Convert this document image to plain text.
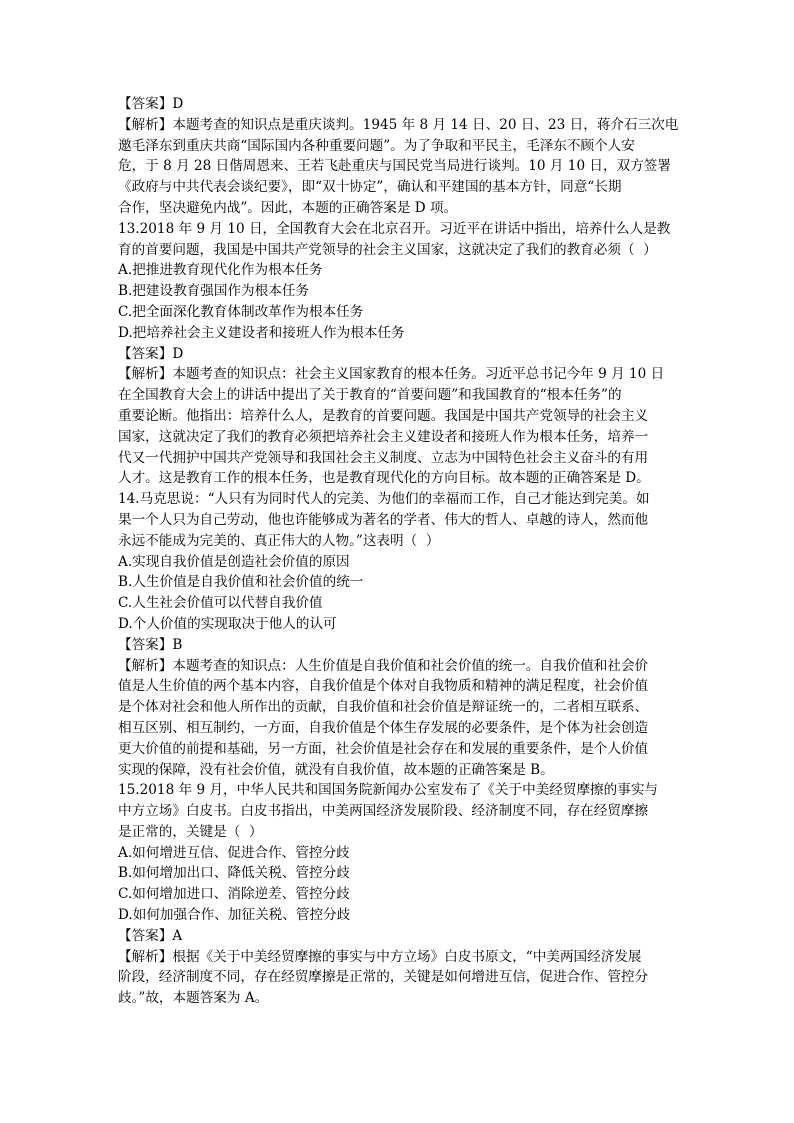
【答案】D
【解析】本题考查的知识点是重庆谈判。1945 年 8 月 14 日、20 日、23 日，蒋介石三次电
邀毛泽东到重庆共商“国际国内各种重要问题”。为了争取和平民主，毛泽东不顾个人安
危，于 8 月 28 日偕周恩来、王若飞赴重庆与国民党当局进行谈判。10 月 10 日，双方签署
《政府与中共代表会谈纪要》，即“双十协定”，确认和平建国的基本方针，同意“长期
合作，坚决避免内战”。因此，本题的正确答案是 D 项。
13.2018 年 9 月 10 日，全国教育大会在北京召开。习近平在讲话中指出，培养什么人是教
育的首要问题，我国是中国共产党领导的社会主义国家，这就决定了我们的教育必须（  ）
A.把推进教育现代化作为根本任务
B.把建设教育强国作为根本任务
C.把全面深化教育体制改革作为根本任务
D.把培养社会主义建设者和接班人作为根本任务
【答案】D
【解析】本题考查的知识点：社会主义国家教育的根本任务。习近平总书记今年 9 月 10 日
在全国教育大会上的讲话中提出了关于教育的“首要问题”和我国教育的“根本任务”的
重要论断。他指出：培养什么人，是教育的首要问题。我国是中国共产党领导的社会主义
国家，这就决定了我们的教育必须把培养社会主义建设者和接班人作为根本任务，培养一
代又一代拥护中国共产党领导和我国社会主义制度、立志为中国特色社会主义奋斗的有用
人才。这是教育工作的根本任务，也是教育现代化的方向目标。故本题的正确答案是 D。
14.马克思说：“人只有为同时代人的完美、为他们的幸福而工作，自己才能达到完美。如
果一个人只为自己劳动，他也许能够成为著名的学者、伟大的哲人、卓越的诗人，然而他
永远不能成为完美的、真正伟大的人物。”这表明（  ）
A.实现自我价值是创造社会价值的原因
B.人生价值是自我价值和社会价值的统一
C.人生社会价值可以代替自我价值
D.个人价值的实现取决于他人的认可
【答案】B
【解析】本题考查的知识点：人生价值是自我价值和社会价值的统一。自我价值和社会价
值是人生价值的两个基本内容，自我价值是个体对自我物质和精神的满足程度，社会价值
是个体对社会和他人所作出的贡献，自我价值和社会价值是辩证统一的，二者相互联系、
相互区别、相互制约，一方面，自我价值是个体生存发展的必要条件，是个体为社会创造
更大价值的前提和基础，另一方面，社会价值是社会存在和发展的重要条件，是个人价值
实现的保障，没有社会价值，就没有自我价值，故本题的正确答案是 B。
15.2018 年 9 月，中华人民共和国国务院新闻办公室发布了《关于中美经贸摩擦的事实与
中方立场》白皮书。白皮书指出，中美两国经济发展阶段、经济制度不同，存在经贸摩擦
是正常的，关键是（  ）
A.如何增进互信、促进合作、管控分歧
B.如何增加出口、降低关税、管控分歧
C.如何增加进口、消除逆差、管控分歧
D.如何加强合作、加征关税、管控分歧
【答案】A
【解析】根据《关于中美经贸摩擦的事实与中方立场》白皮书原文，“中美两国经济发展
阶段，经济制度不同，存在经贸摩擦是正常的，关键是如何增进互信，促进合作、管控分
歧。”故，本题答案为 A。
